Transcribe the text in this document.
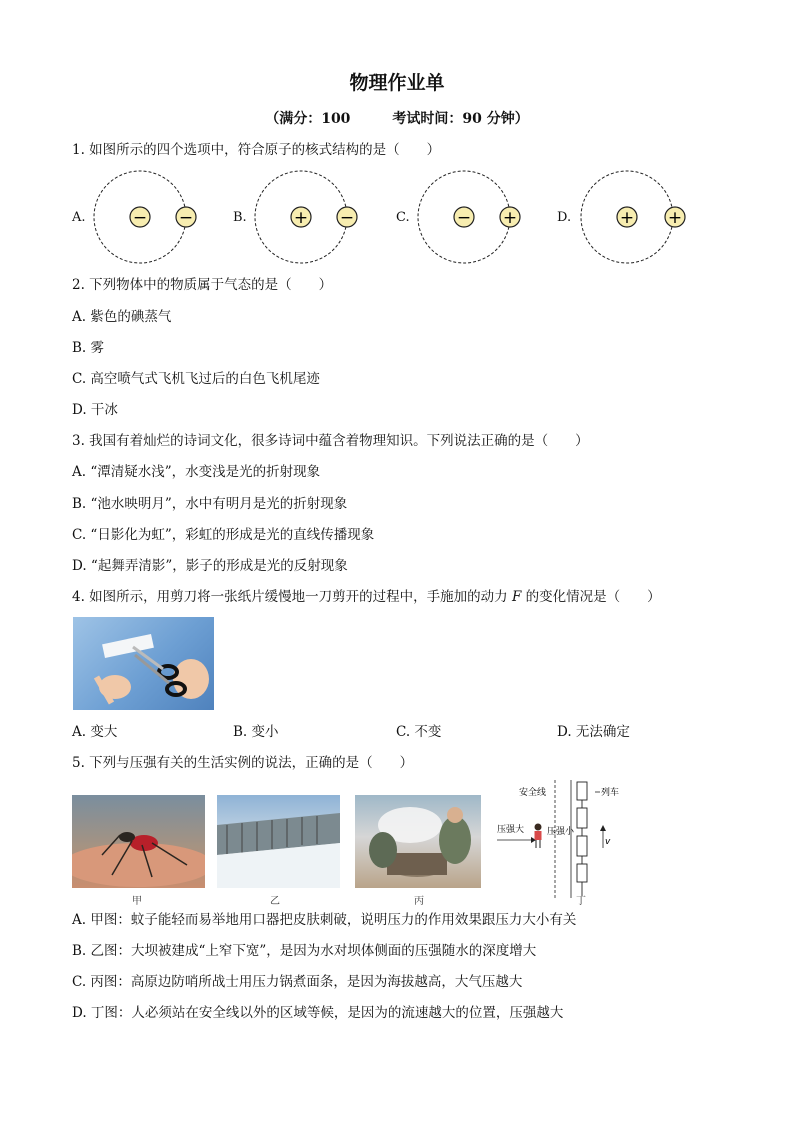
物理作业单
（满分：100　　　考试时间：90 分钟）
1. 如图所示的四个选项中，符合原子的核式结构的是（　　）
A.	− −	B.	+ −	C.	− +	D.	+ +
2. 下列物体中的物质属于气态的是（　　）
A. 紫色的碘蒸气
B. 雾
C. 高空喷气式飞机飞过后的白色飞机尾迹
D. 干冰
3. 我国有着灿烂的诗词文化，很多诗词中蕴含着物理知识。下列说法正确的是（　　）
A. “潭清疑水浅”，水变浅是光的折射现象
B. “池水映明月”，水中有明月是光的折射现象
C. “日影化为虹”，彩虹的形成是光的直线传播现象
D. “起舞弄清影”，影子的形成是光的反射现象
4. 如图所示，用剪刀将一张纸片缓慢地一刀剪开的过程中，手施加的动力 F 的变化情况是（　　）
A. 变大	B. 变小	C. 不变	D. 无法确定
5. 下列与压强有关的生活实例的说法，正确的是（　　）
甲	乙	丙
安全线	列车
压强大	压强小
v
丁
A. 甲图：蚊子能轻而易举地用口器把皮肤刺破，说明压力的作用效果跟压力大小有关
B. 乙图：大坝被建成“上窄下宽”，是因为水对坝体侧面的压强随水的深度增大
C. 丙图：高原边防哨所战士用压力锅煮面条，是因为海拔越高，大气压越大
D. 丁图：人必须站在安全线以外的区域等候，是因为的流速越大的位置，压强越大
